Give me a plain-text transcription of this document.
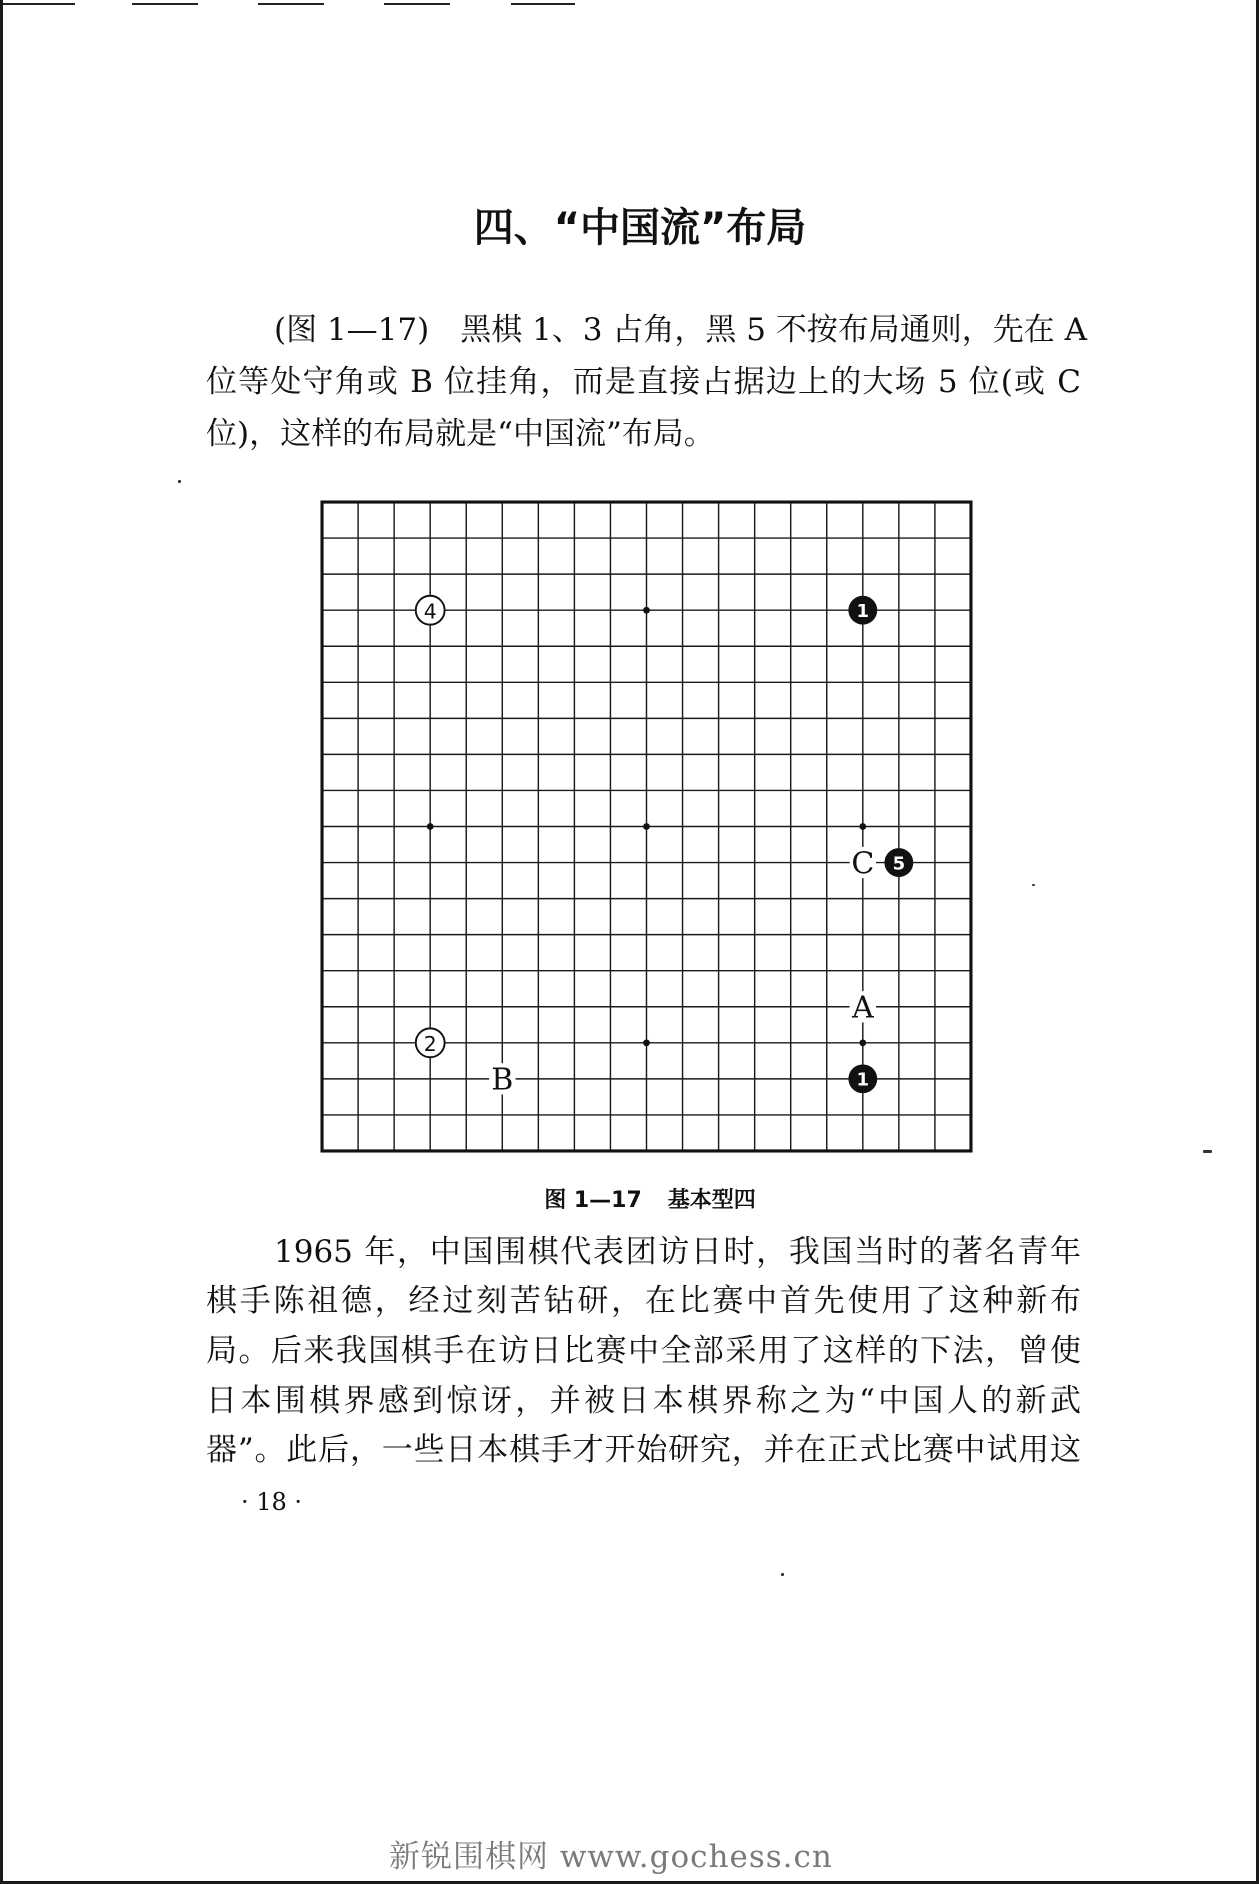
四、“中国流”布局
(图 1—17)　黑棋 1、3 占角，黑 5 不按布局通则，先在 A
位等处守角或 B 位挂角，而是直接占据边上的大场 5 位(或 C
位)，这样的布局就是“中国流”布局。
C
A
B
1
1
5
4
2
图 1—17 基本型四
1965 年，中国围棋代表团访日时，我国当时的著名青年
棋手陈祖德，经过刻苦钻研，在比赛中首先使用了这种新布
局。后来我国棋手在访日比赛中全部采用了这样的下法，曾使
日本围棋界感到惊讶，并被日本棋界称之为“中国人的新武
器”。此后，一些日本棋手才开始研究，并在正式比赛中试用这
· 18 ·
新锐围棋网 www.gochess.cn
